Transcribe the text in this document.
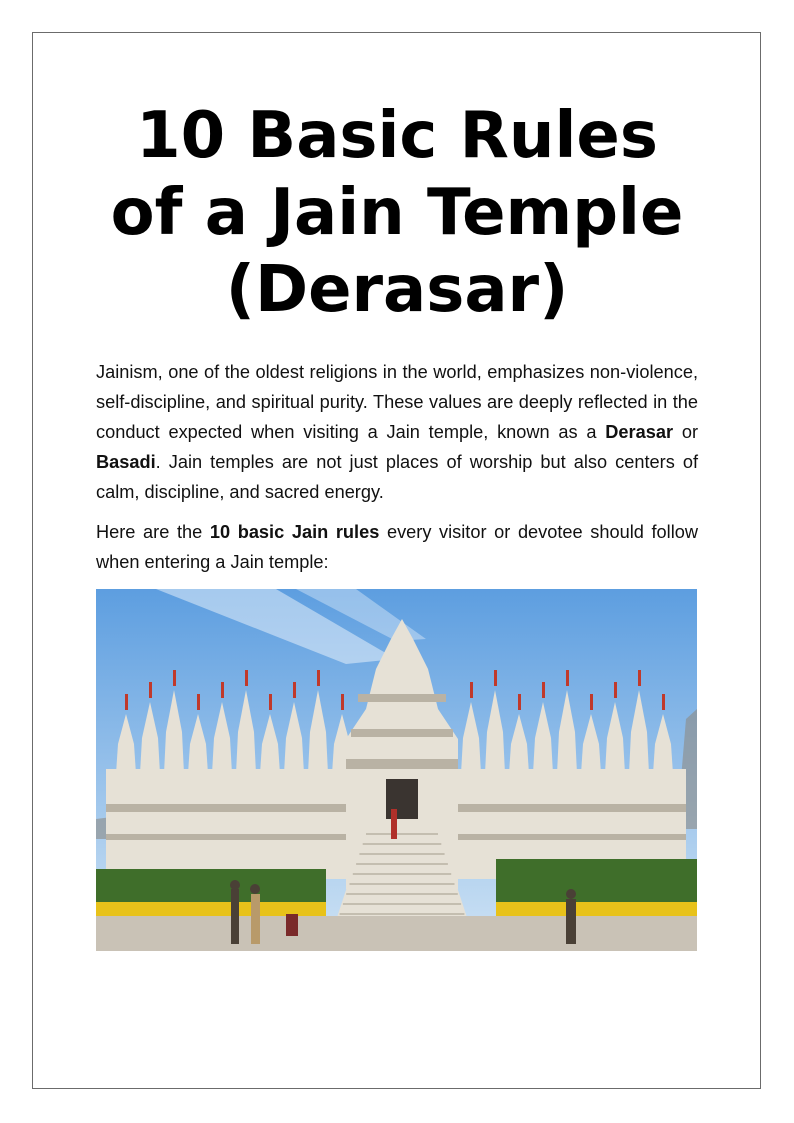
10 Basic Rules
of a Jain Temple
(Derasar)

Jainism, one of the oldest religions in the world, emphasizes non-violence, self-discipline, and spiritual purity. These values are deeply reflected in the conduct expected when visiting a Jain temple, known as a Derasar or Basadi. Jain temples are not just places of worship but also centers of calm, discipline, and sacred energy.

Here are the 10 basic Jain rules every visitor or devotee should follow when entering a Jain temple:
